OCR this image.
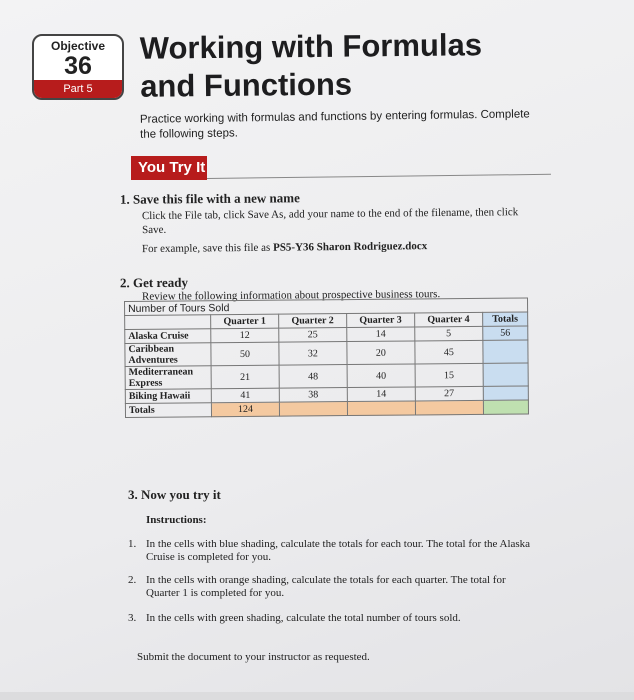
Objective
36
Part 5
Working with Formulas
and Functions
Practice working with formulas and functions by entering formulas. Complete the following steps.
You Try It
1. Save this file with a new name
Click the File tab, click Save As, add your name to the end of the filename, then click Save.
For example, save this file as PS5-Y36 Sharon Rodriguez.docx
2. Get ready
Review the following information about prospective business tours.
Number of Tours Sold					
	Quarter 1	Quarter 2	Quarter 3	Quarter 4	Totals
Alaska Cruise	12	25	14	5	56
Caribbean Adventures	50	32	20	45	
Mediterranean Express	21	48	40	15	
Biking Hawaii	41	38	14	27	
Totals	124				
3. Now you try it
Instructions:
1. In the cells with blue shading, calculate the totals for each tour. The total for the Alaska Cruise is completed for you.
2. In the cells with orange shading, calculate the totals for each quarter. The total for Quarter 1 is completed for you.
3. In the cells with green shading, calculate the total number of tours sold.
Submit the document to your instructor as requested.
